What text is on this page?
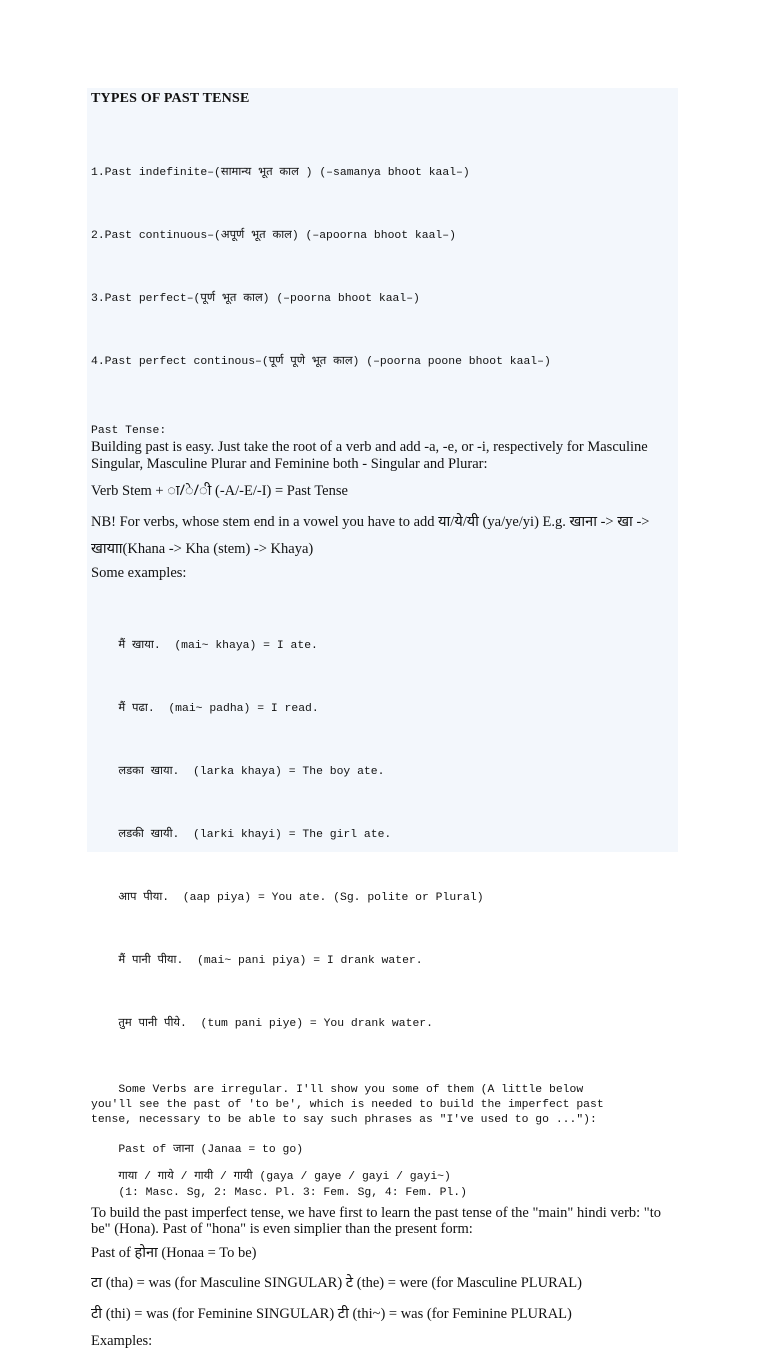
TYPES OF PAST TENSE

1.Past indefinite–(सामान्य भूत काल ) (–samanya bhoot kaal–)

2.Past continuous–(अपूर्ण भूत काल) (–apoorna bhoot kaal–)

3.Past perfect–(पूर्ण भूत काल) (–poorna bhoot kaal–)

4.Past perfect continous–(पूर्ण पूणे भूत काल) (–poorna poone bhoot kaal–)

Past Tense:

Building past is easy. Just take the root of a verb and add -a, -e, or -i, respectively for Masculine Singular, Masculine Plurar and Feminine both - Singular and Plurar:

Verb Stem + ा/े/ी (-A/-E/-I) = Past Tense

NB! For verbs, whose stem end in a vowel you have to add या/ये/यी (ya/ye/yi) E.g. खाना -> खा -> खायाा(Khana -> Kha (stem) -> Khaya)

Some examples:

मैं खाया.  (mai~ khaya) = I ate.

मैं पढा.  (mai~ padha) = I read.

लडका खाया.  (larka khaya) = The boy ate.

लडकी खायी.  (larki khayi) = The girl ate.

आप पीया.  (aap piya) = You ate. (Sg. polite or Plural)

मैं पानी पीया.  (mai~ pani piya) = I drank water.

तुम पानी पीये.  (tum pani piye) = You drank water.

Some Verbs are irregular. I'll show you some of them (A little below
you'll see the past of 'to be', which is needed to build the imperfect past
tense, necessary to be able to say such phrases as "I've used to go ..."):
Past of जाना (Janaa = to go)
गाया / गाये / गायी / गायी (gaya / gaye / gayi / gayi~)
(1: Masc. Sg, 2: Masc. Pl. 3: Fem. Sg, 4: Fem. Pl.)

To build the past imperfect tense, we have first to learn the past tense of the "main" hindi verb: "to be" (Hona). Past of "hona" is even simplier than the present form:

Past of होना (Honaa = To be)

टा (tha) = was (for Masculine SINGULAR) टे (the) = were (for Masculine PLURAL)

टी (thi) = was (for Feminine SINGULAR) टी (thi~) = was (for Feminine PLURAL)

Examples:
